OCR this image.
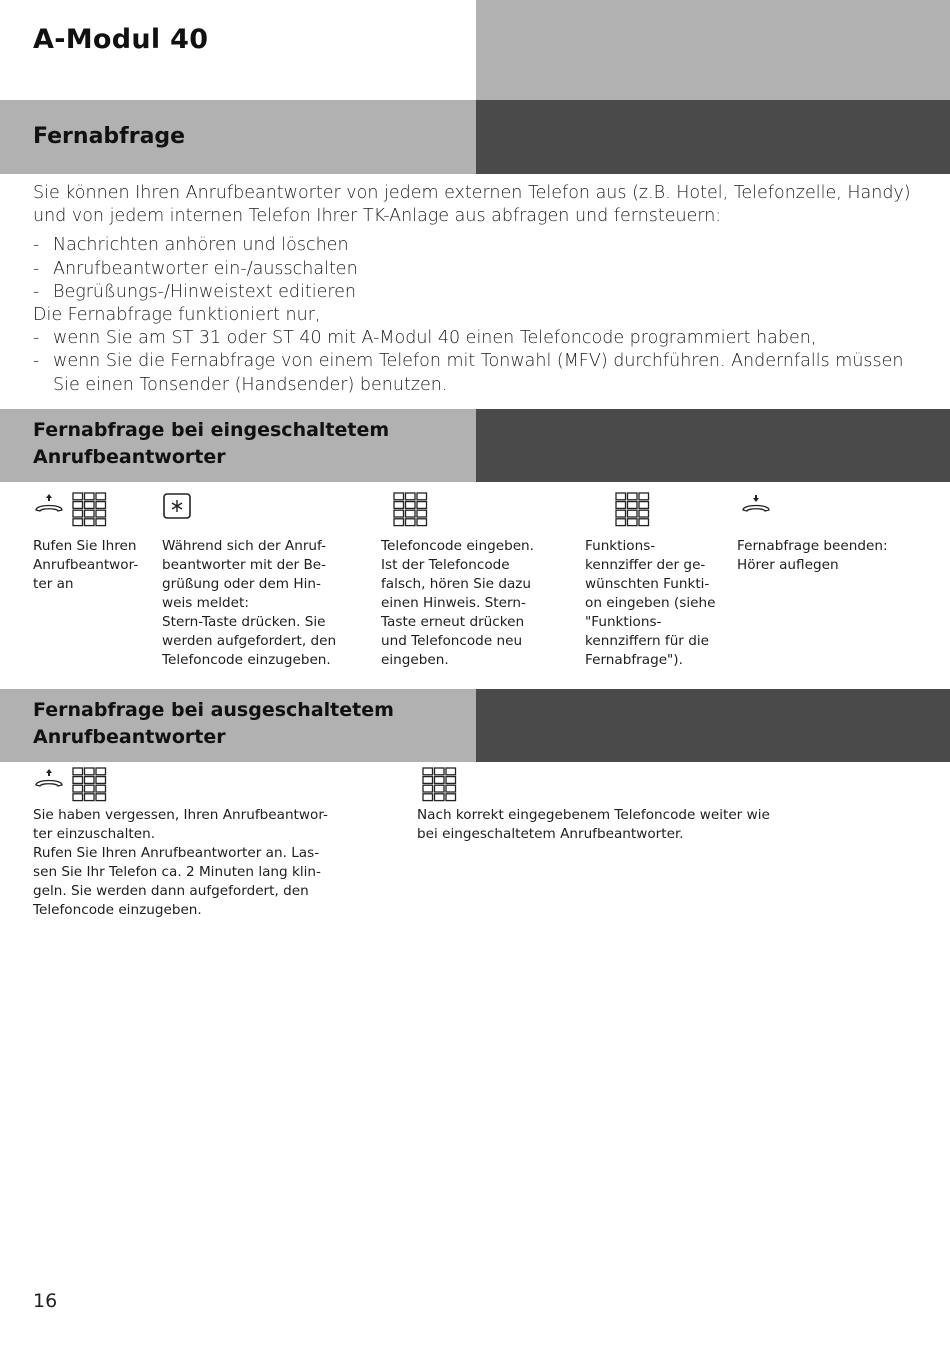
A-Modul 40
Fernabfrage
Sie können Ihren Anrufbeantworter von jedem externen Telefon aus (z.B. Hotel, Telefonzelle, Handy) und von jedem internen Telefon Ihrer TK-Anlage aus abfragen und fernsteuern:
- Nachrichten anhören und löschen
- Anrufbeantworter ein-/ausschalten
- Begrüßungs-/Hinweistext editieren
Die Fernabfrage funktioniert nur,
- wenn Sie am ST 31 oder ST 40 mit A-Modul 40 einen Telefoncode programmiert haben,
- wenn Sie die Fernabfrage von einem Telefon mit Tonwahl (MFV) durchführen. Andernfalls müssen Sie einen Tonsender (Handsender) benutzen.
Fernabfrage bei eingeschaltetem
Anrufbeantworter
Rufen Sie Ihren
Anrufbeantwor-
ter an
Während sich der Anruf-
beantworter mit der Be-
grüßung oder dem Hin-
weis meldet:
Stern-Taste drücken. Sie
werden aufgefordert, den
Telefoncode einzugeben.
Telefoncode eingeben.
Ist der Telefoncode
falsch, hören Sie dazu
einen Hinweis. Stern-
Taste erneut drücken
und Telefoncode neu
eingeben.
Funktions-
kennziffer der ge-
wünschten Funkti-
on eingeben (siehe
"Funktions-
kennziffern für die
Fernabfrage").
Fernabfrage beenden:
Hörer auflegen
Fernabfrage bei ausgeschaltetem
Anrufbeantworter
Sie haben vergessen, Ihren Anrufbeantwor-
ter einzuschalten.
Rufen Sie Ihren Anrufbeantworter an. Las-
sen Sie Ihr Telefon ca. 2 Minuten lang klin-
geln. Sie werden dann aufgefordert, den
Telefoncode einzugeben.
Nach korrekt eingegebenem Telefoncode weiter wie
bei eingeschaltetem Anrufbeantworter.
16
